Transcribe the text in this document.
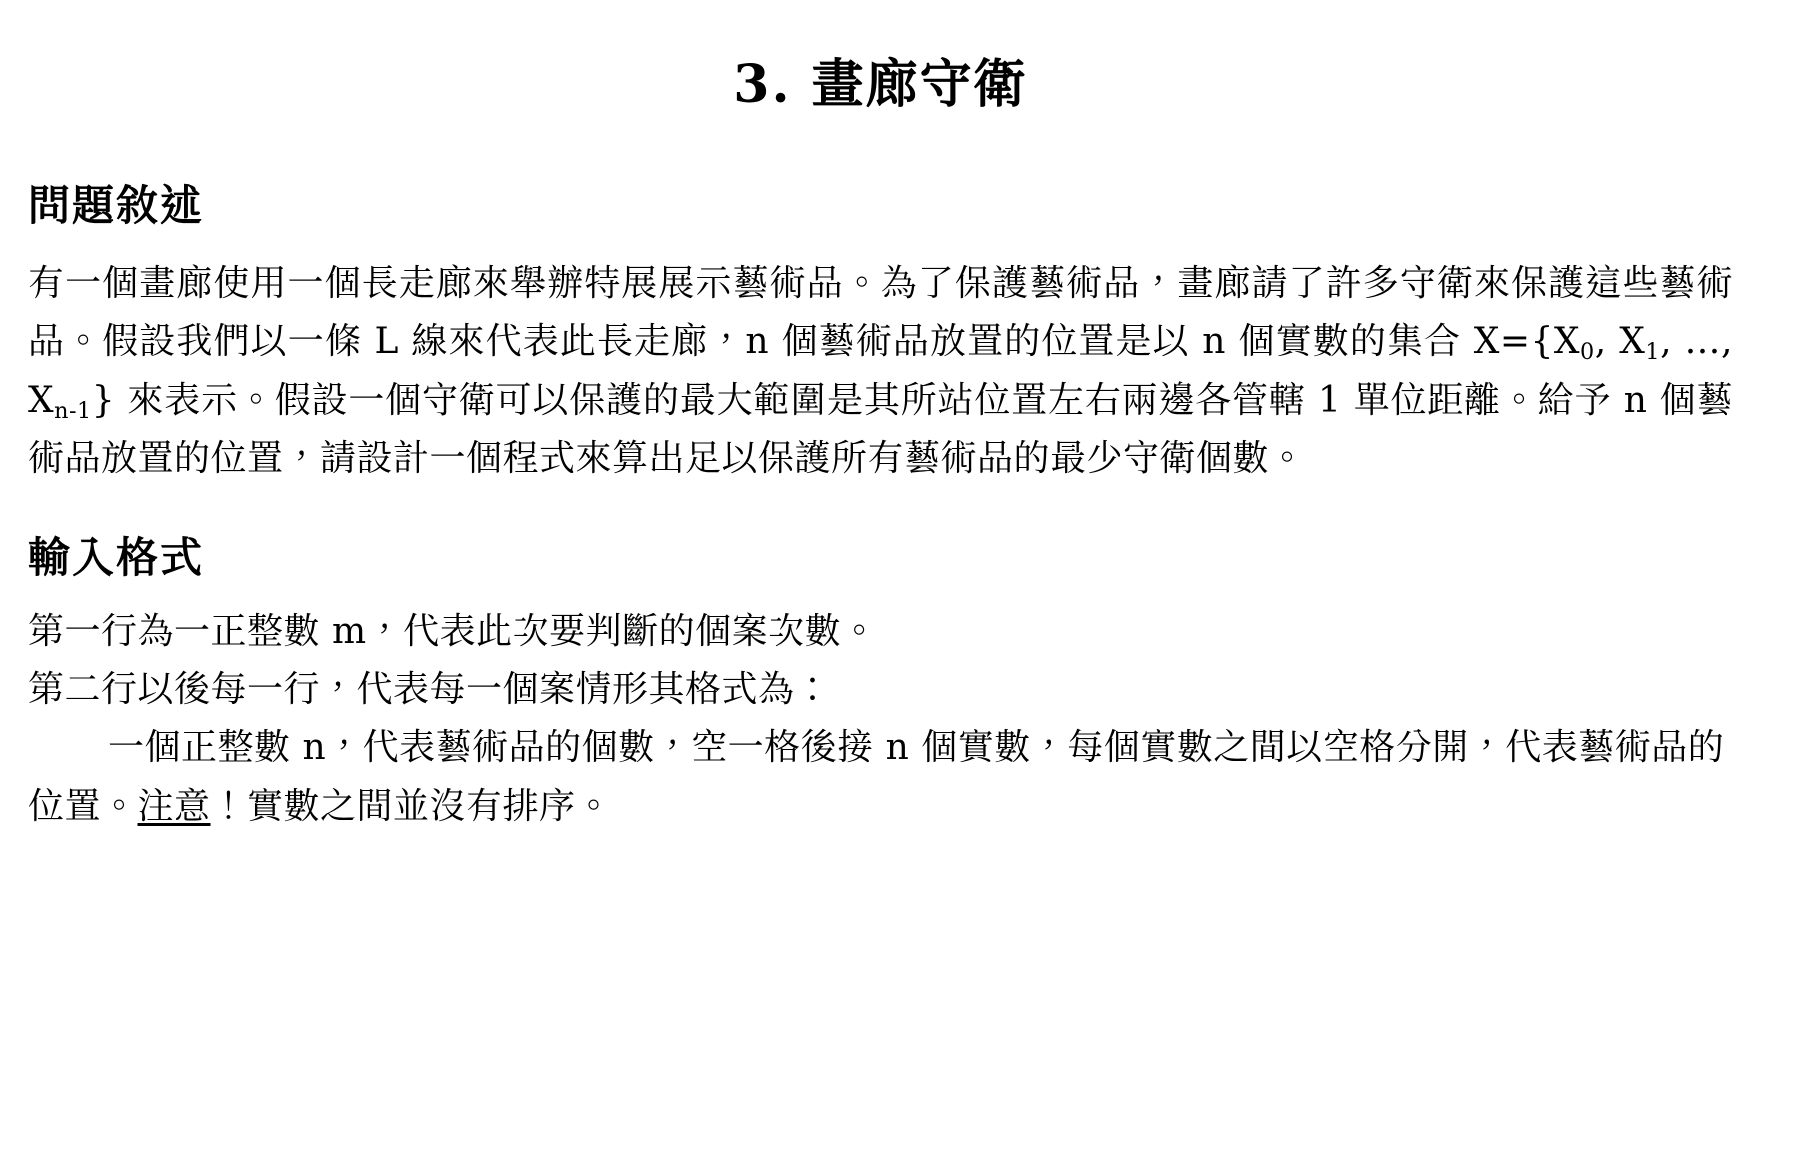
3. 畫廊守衛
問題敘述

有一個畫廊使用一個長走廊來舉辦特展展示藝術品。為了保護藝術品，畫廊請了許多守衛來保護這些藝術品。假設我們以一條 L 線來代表此長走廊，n 個藝術品放置的位置是以 n 個實數的集合 $X=\{X_0$, $X_1$, …, $X_{n-1}$} 來表示。假設一個守衛可以保護的最大範圍是其所站位置左右兩邊各管轄 1 單位距離。給予 n 個藝術品放置的位置，請設計一個程式來算出足以保護所有藝術品的最少守衛個數。

輸入格式
第一行為一正整數 m，代表此次要判斷的個案次數。
第二行以後每一行，代表每一個案情形其格式為：
一個正整數 n，代表藝術品的個數，空一格後接 n 個實數，每個實數之間以空格分開，代表藝術品的位置。注意！實數之間並沒有排序。
